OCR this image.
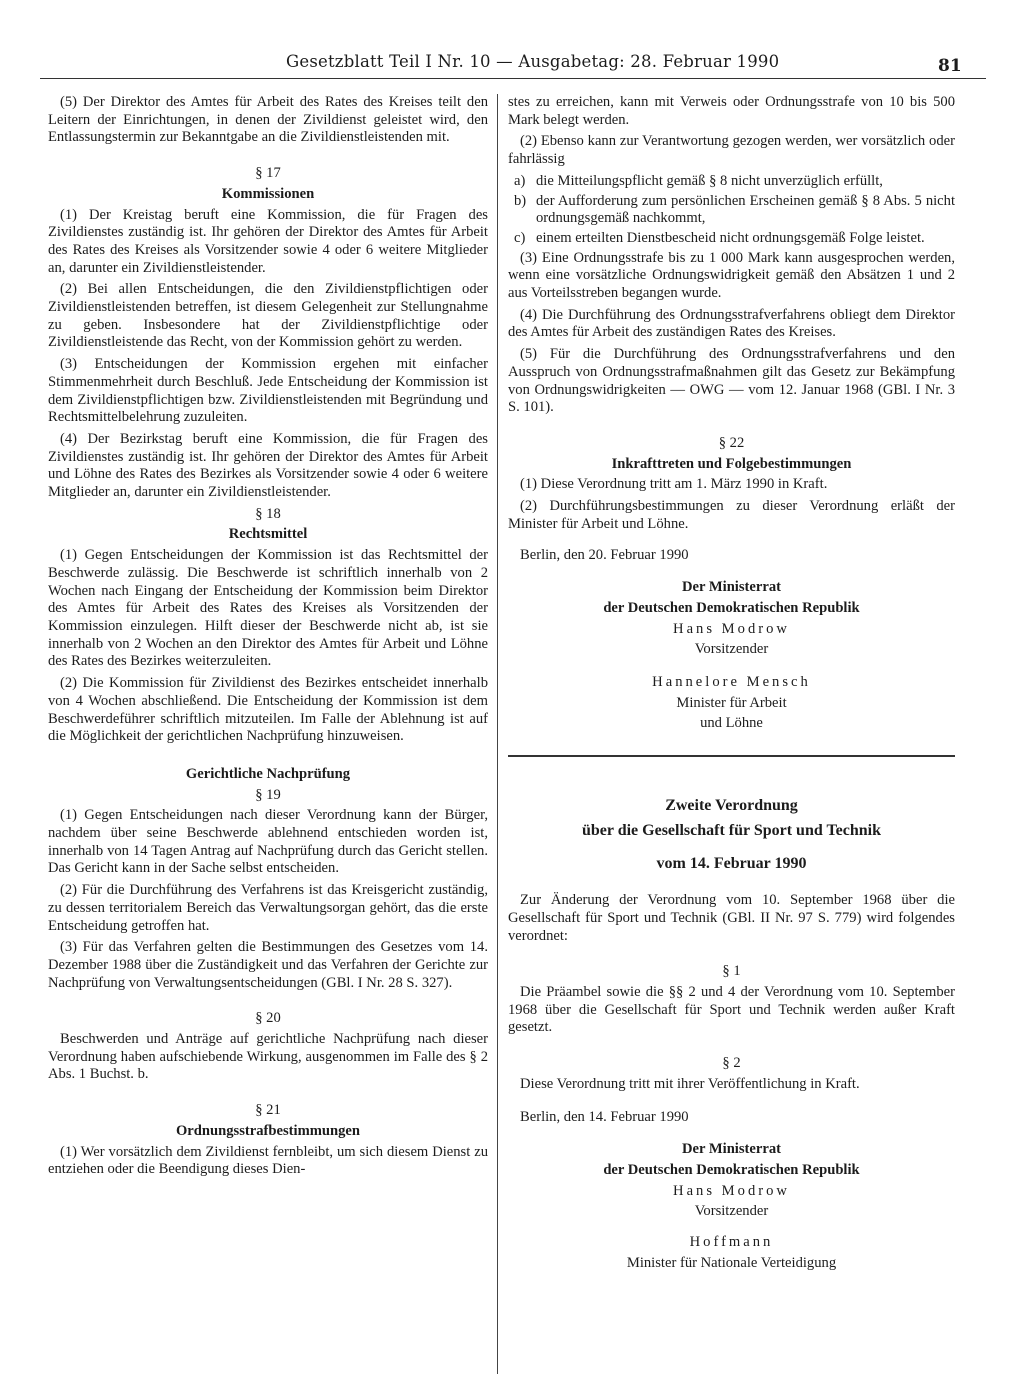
Gesetzblatt Teil I Nr. 10 — Ausgabetag: 28. Februar 1990	81

(5) Der Direktor des Amtes für Arbeit des Rates des Kreises teilt den Leitern der Einrichtungen, in denen der Zivildienst geleistet wird, den Entlassungstermin zur Bekanntgabe an die Zivildienstleistenden mit.

§ 17

Kommissionen

(1) Der Kreistag beruft eine Kommission, die für Fragen des Zivildienstes zuständig ist. Ihr gehören der Direktor des Amtes für Arbeit des Rates des Kreises als Vorsitzender sowie 4 oder 6 weitere Mitglieder an, darunter ein Zivildienstleistender.

(2) Bei allen Entscheidungen, die den Zivildienstpflichtigen oder Zivildienstleistenden betreffen, ist diesem Gelegenheit zur Stellungnahme zu geben. Insbesondere hat der Zivildienstpflichtige oder Zivildienstleistende das Recht, von der Kommission gehört zu werden.

(3) Entscheidungen der Kommission ergehen mit einfacher Stimmenmehrheit durch Beschluß. Jede Entscheidung der Kommission ist dem Zivildienstpflichtigen bzw. Zivildienstleistenden mit Begründung und Rechtsmittelbelehrung zuzuleiten.

(4) Der Bezirkstag beruft eine Kommission, die für Fragen des Zivildienstes zuständig ist. Ihr gehören der Direktor des Amtes für Arbeit und Löhne des Rates des Bezirkes als Vorsitzender sowie 4 oder 6 weitere Mitglieder an, darunter ein Zivildienstleistender.

§ 18

Rechtsmittel

(1) Gegen Entscheidungen der Kommission ist das Rechtsmittel der Beschwerde zulässig. Die Beschwerde ist schriftlich innerhalb von 2 Wochen nach Eingang der Entscheidung der Kommission beim Direktor des Amtes für Arbeit des Rates des Kreises als Vorsitzenden der Kommission einzulegen. Hilft dieser der Beschwerde nicht ab, ist sie innerhalb von 2 Wochen an den Direktor des Amtes für Arbeit und Löhne des Rates des Bezirkes weiterzuleiten.

(2) Die Kommission für Zivildienst des Bezirkes entscheidet innerhalb von 4 Wochen abschließend. Die Entscheidung der Kommission ist dem Beschwerdeführer schriftlich mitzuteilen. Im Falle der Ablehnung ist auf die Möglichkeit der gerichtlichen Nachprüfung hinzuweisen.

Gerichtliche Nachprüfung

§ 19

(1) Gegen Entscheidungen nach dieser Verordnung kann der Bürger, nachdem über seine Beschwerde ablehnend entschieden worden ist, innerhalb von 14 Tagen Antrag auf Nachprüfung durch das Gericht stellen. Das Gericht kann in der Sache selbst entscheiden.

(2) Für die Durchführung des Verfahrens ist das Kreisgericht zuständig, zu dessen territorialem Bereich das Verwaltungsorgan gehört, das die erste Entscheidung getroffen hat.

(3) Für das Verfahren gelten die Bestimmungen des Gesetzes vom 14. Dezember 1988 über die Zuständigkeit und das Verfahren der Gerichte zur Nachprüfung von Verwaltungsentscheidungen (GBl. I Nr. 28 S. 327).

§ 20

Beschwerden und Anträge auf gerichtliche Nachprüfung nach dieser Verordnung haben aufschiebende Wirkung, ausgenommen im Falle des § 2 Abs. 1 Buchst. b.

§ 21

Ordnungsstrafbestimmungen

(1) Wer vorsätzlich dem Zivildienst fernbleibt, um sich diesem Dienst zu entziehen oder die Beendigung dieses Dien-

stes zu erreichen, kann mit Verweis oder Ordnungsstrafe von 10 bis 500 Mark belegt werden.

(2) Ebenso kann zur Verantwortung gezogen werden, wer vorsätzlich oder fahrlässig

a) die Mitteilungspflicht gemäß § 8 nicht unverzüglich erfüllt,
b) der Aufforderung zum persönlichen Erscheinen gemäß § 8 Abs. 5 nicht ordnungsgemäß nachkommt,
c) einem erteilten Dienstbescheid nicht ordnungsgemäß Folge leistet.

(3) Eine Ordnungsstrafe bis zu 1 000 Mark kann ausgesprochen werden, wenn eine vorsätzliche Ordnungswidrigkeit gemäß den Absätzen 1 und 2 aus Vorteilsstreben begangen wurde.

(4) Die Durchführung des Ordnungsstrafverfahrens obliegt dem Direktor des Amtes für Arbeit des zuständigen Rates des Kreises.

(5) Für die Durchführung des Ordnungsstrafverfahrens und den Ausspruch von Ordnungsstrafmaßnahmen gilt das Gesetz zur Bekämpfung von Ordnungswidrigkeiten — OWG — vom 12. Januar 1968 (GBl. I Nr. 3 S. 101).

§ 22

Inkrafttreten und Folgebestimmungen

(1) Diese Verordnung tritt am 1. März 1990 in Kraft.

(2) Durchführungsbestimmungen zu dieser Verordnung erläßt der Minister für Arbeit und Löhne.

Berlin, den 20. Februar 1990

Der Ministerrat

der Deutschen Demokratischen Republik

Hans Modrow

Vorsitzender

Hannelore Mensch

Minister für Arbeit

und Löhne

Zweite Verordnung

über die Gesellschaft für Sport und Technik

vom 14. Februar 1990

Zur Änderung der Verordnung vom 10. September 1968 über die Gesellschaft für Sport und Technik (GBl. II Nr. 97 S. 779) wird folgendes verordnet:

§ 1

Die Präambel sowie die §§ 2 und 4 der Verordnung vom 10. September 1968 über die Gesellschaft für Sport und Technik werden außer Kraft gesetzt.

§ 2

Diese Verordnung tritt mit ihrer Veröffentlichung in Kraft.

Berlin, den 14. Februar 1990

Der Ministerrat

der Deutschen Demokratischen Republik

Hans Modrow

Vorsitzender

Hoffmann

Minister für Nationale Verteidigung
